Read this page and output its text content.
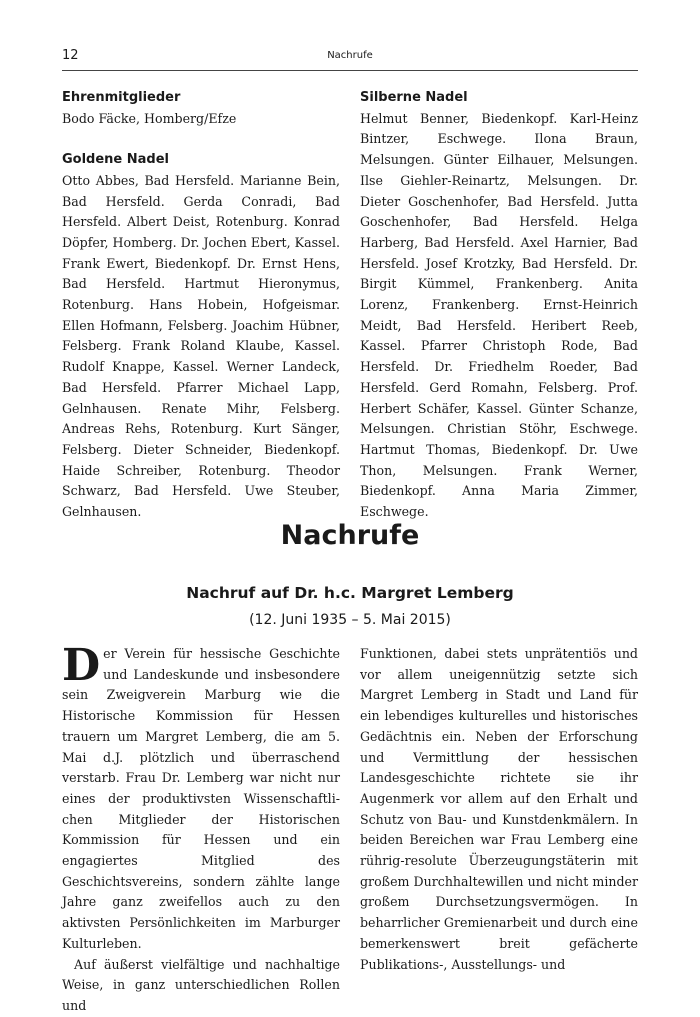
12	Nachrufe
Ehrenmitglieder

Bodo Fäcke, Homberg/Efze

Goldene Nadel

Otto Abbes, Bad Hersfeld. Marianne Bein, Bad Hersfeld. Gerda Conradi, Bad Hersfeld. Albert Deist, Rotenburg. Konrad Döpfer, Homberg. Dr. Jochen Ebert, Kassel. Frank Ewert, Biedenkopf. Dr. Ernst Hens, Bad Hersfeld. Hartmut Hieronymus, Rotenburg. Hans Hobein, Hofgeismar. Ellen Hofmann, Felsberg. Joachim Hübner, Felsberg. Frank Roland Klaube, Kassel. Rudolf Knappe, Kassel. Werner Landeck, Bad Hersfeld. Pfarrer Michael Lapp, Gelnhausen. Renate Mihr, Felsberg. Andreas Rehs, Rotenburg. Kurt Sänger, Felsberg. Dieter Schneider, Biedenkopf. Haide Schreiber, Rotenburg. Theodor Schwarz, Bad Hersfeld. Uwe Steuber, Gelnhausen.

Silberne Nadel

Helmut Benner, Biedenkopf. Karl-Heinz Bintzer, Eschwege. Ilona Braun, Melsungen. Günter Eilhauer, Melsungen. Ilse Giehler-Reinartz, Melsungen. Dr. Dieter Goschenhofer, Bad Hersfeld. Jutta Goschenhofer, Bad Hersfeld. Helga Harberg, Bad Hersfeld. Axel Harnier, Bad Hersfeld. Josef Krotzky, Bad Hersfeld. Dr. Birgit Kümmel, Frankenberg. Anita Lorenz, Frankenberg. Ernst-Heinrich Meidt, Bad Hersfeld. Heribert Reeb, Kassel. Pfarrer Christoph Rode, Bad Hersfeld. Dr. Friedhelm Roeder, Bad Hersfeld. Gerd Romahn, Felsberg. Prof. Herbert Schäfer, Kassel. Günter Schanze, Melsungen. Christian Stöhr, Eschwege. Hartmut Thomas, Biedenkopf. Dr. Uwe Thon, Melsungen. Frank Werner, Biedenkopf. Anna Maria Zimmer, Eschwege.

Nachrufe
Nachruf auf Dr. h.c. Margret Lemberg
(12. Juni 1935 – 5. Mai 2015)

Der Verein für hessische Geschichte und Landeskunde und insbesondere sein Zweigverein Marburg wie die Historische Kommission für Hessen trauern um Margret Lemberg, die am 5. Mai d.J. plötzlich und überraschend verstarb. Frau Dr. Lemberg war nicht nur eines der produktivsten Wissenschaftlichen Mitglieder der Historischen Kommission für Hessen und ein engagiertes Mitglied des Geschichtsvereins, sondern zählte lange Jahre ganz zweifellos auch zu den aktivsten Persönlichkeiten im Marburger Kulturleben.

Auf äußerst vielfältige und nachhaltige Weise, in ganz unterschiedlichen Rollen und

Funktionen, dabei stets unprätentiös und vor allem uneigennützig setzte sich Margret Lemberg in Stadt und Land für ein lebendiges kulturelles und historisches Gedächtnis ein. Neben der Erforschung und Vermittlung der hessischen Landesgeschichte richtete sie ihr Augenmerk vor allem auf den Erhalt und Schutz von Bau- und Kunstdenkmälern. In beiden Bereichen war Frau Lemberg eine rührig-resolute Überzeugungstäterin mit großem Durchhaltewillen und nicht minder großem Durchsetzungsvermögen. In beharrlicher Gremienarbeit und durch eine bemerkenswert breit gefächerte Publikations-, Ausstellungs- und
